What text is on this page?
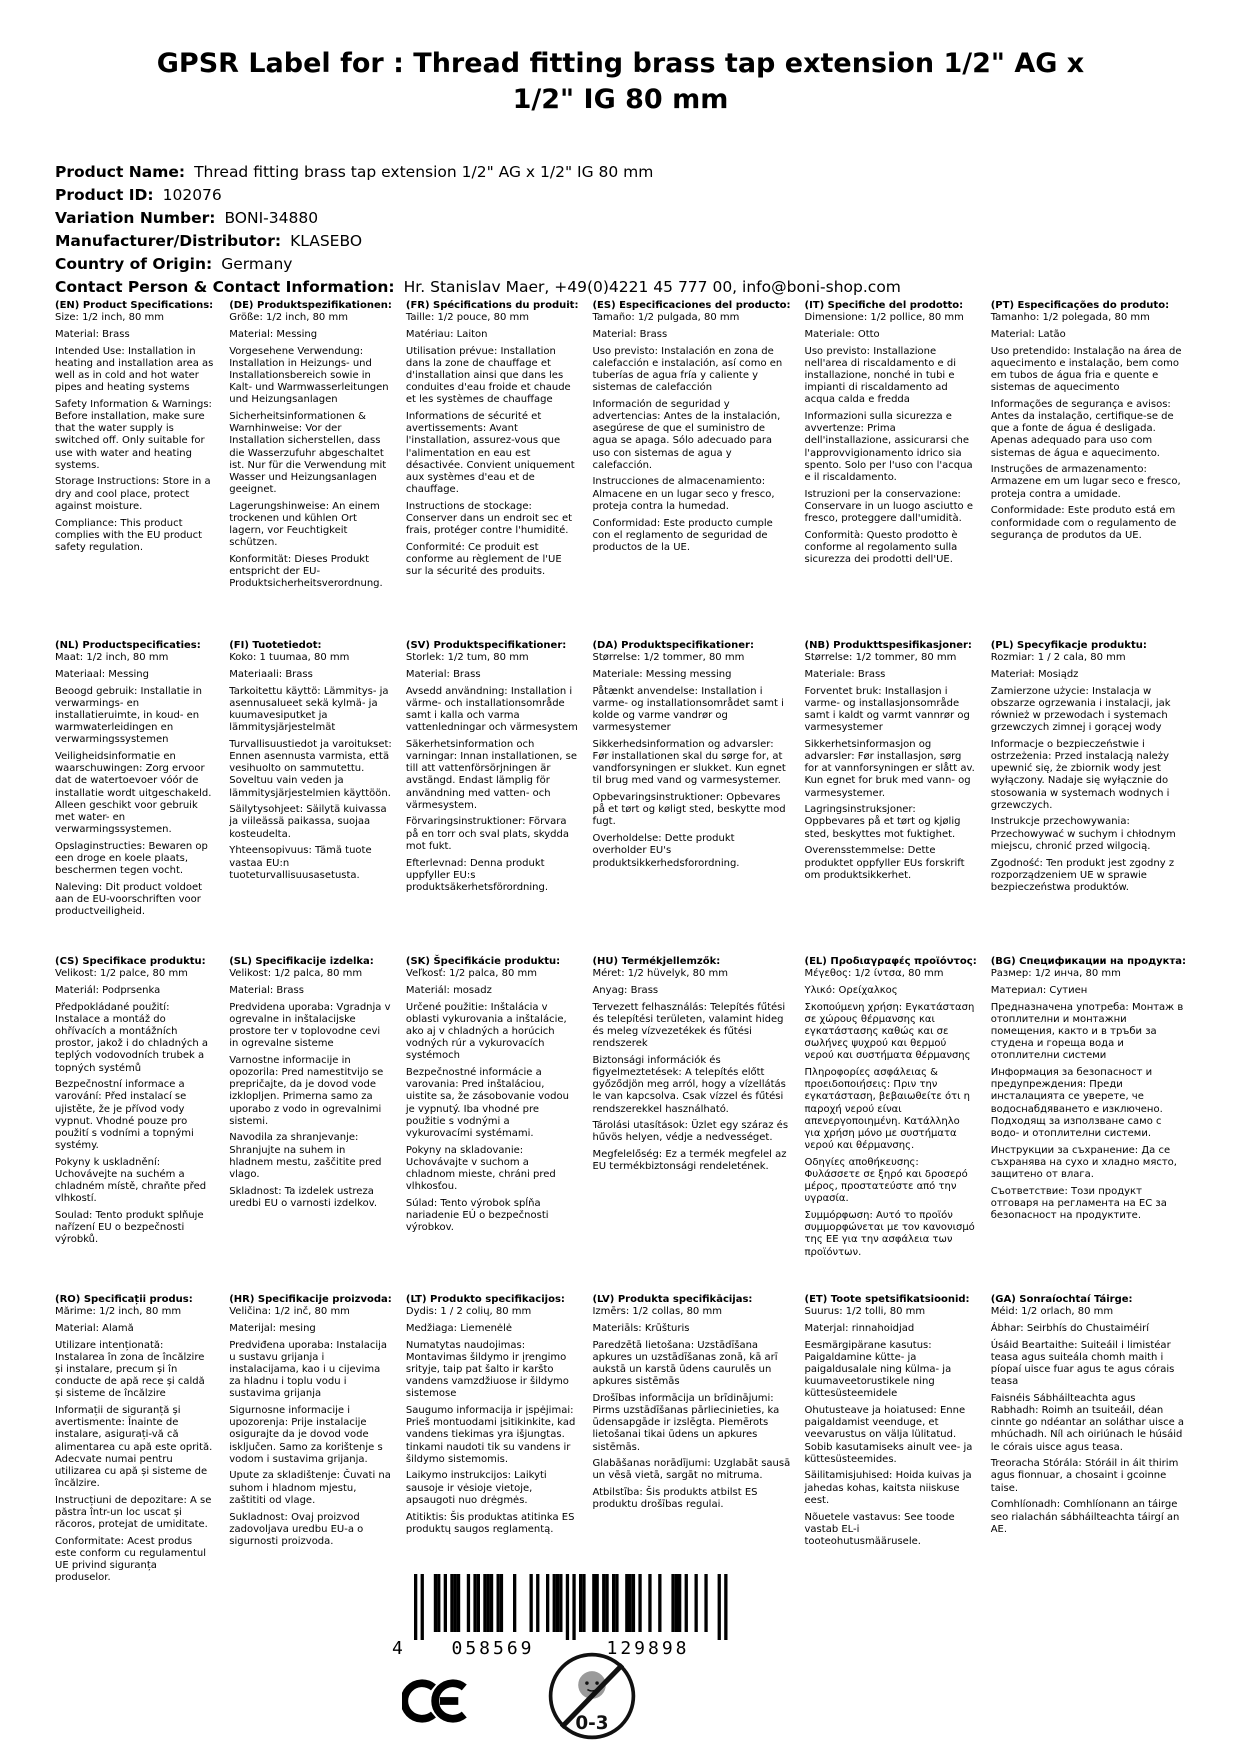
GPSR Label for : Thread fitting brass tap extension 1/2" AG x 1/2" IG 80 mm
Product Name: Thread fitting brass tap extension 1/2" AG x 1/2" IG 80 mm
Product ID: 102076
Variation Number: BONI-34880
Manufacturer/Distributor: KLASEBO
Country of Origin: Germany
Contact Person & Contact Information: Hr. Stanislav Maer, +49(0)4221 45 777 00, info@boni-shop.com
(EN) Product Specifications:
Size: 1/2 inch, 80 mm
Material: Brass
Intended Use: Installation in heating and installation area as well as in cold and hot water pipes and heating systems
Safety Information & Warnings: Before installation, make sure that the water supply is switched off. Only suitable for use with water and heating systems.
Storage Instructions: Store in a dry and cool place, protect against moisture.
Compliance: This product complies with the EU product safety regulation.
(DE) Produktspezifikationen:
Größe: 1/2 inch, 80 mm
Material: Messing
Vorgesehene Verwendung: Installation in Heizungs- und Installationsbereich sowie in Kalt- und Warmwasserleitungen und Heizungsanlagen
Sicherheitsinformationen & Warnhinweise: Vor der Installation sicherstellen, dass die Wasserzufuhr abgeschaltet ist. Nur für die Verwendung mit Wasser und Heizungsanlagen geeignet.
Lagerungshinweise: An einem trockenen und kühlen Ort lagern, vor Feuchtigkeit schützen.
Konformität: Dieses Produkt entspricht der EU-Produktsicherheitsverordnung.
(FR) Spécifications du produit:
Taille: 1/2 pouce, 80 mm
Matériau: Laiton
Utilisation prévue: Installation dans la zone de chauffage et d'installation ainsi que dans les conduites d'eau froide et chaude et les systèmes de chauffage
Informations de sécurité et avertissements: Avant l'installation, assurez-vous que l'alimentation en eau est désactivée. Convient uniquement aux systèmes d'eau et de chauffage.
Instructions de stockage: Conserver dans un endroit sec et frais, protéger contre l'humidité.
Conformité: Ce produit est conforme au règlement de l'UE sur la sécurité des produits.
(ES) Especificaciones del producto:
Tamaño: 1/2 pulgada, 80 mm
Material: Brass
Uso previsto: Instalación en zona de calefacción e instalación, así como en tuberías de agua fría y caliente y sistemas de calefacción
Información de seguridad y advertencias: Antes de la instalación, asegúrese de que el suministro de agua se apaga. Sólo adecuado para uso con sistemas de agua y calefacción.
Instrucciones de almacenamiento: Almacene en un lugar seco y fresco, proteja contra la humedad.
Conformidad: Este producto cumple con el reglamento de seguridad de productos de la UE.
(IT) Specifiche del prodotto:
Dimensione: 1/2 pollice, 80 mm
Materiale: Otto
Uso previsto: Installazione nell'area di riscaldamento e di installazione, nonché in tubi e impianti di riscaldamento ad acqua calda e fredda
Informazioni sulla sicurezza e avvertenze: Prima dell'installazione, assicurarsi che l'approvvigionamento idrico sia spento. Solo per l'uso con l'acqua e il riscaldamento.
Istruzioni per la conservazione: Conservare in un luogo asciutto e fresco, proteggere dall'umidità.
Conformità: Questo prodotto è conforme al regolamento sulla sicurezza dei prodotti dell'UE.
(PT) Especificações do produto:
Tamanho: 1/2 polegada, 80 mm
Material: Latão
Uso pretendido: Instalação na área de aquecimento e instalação, bem como em tubos de água fria e quente e sistemas de aquecimento
Informações de segurança e avisos: Antes da instalação, certifique-se de que a fonte de água é desligada. Apenas adequado para uso com sistemas de água e aquecimento.
Instruções de armazenamento: Armazene em um lugar seco e fresco, proteja contra a umidade.
Conformidade: Este produto está em conformidade com o regulamento de segurança de produtos da UE.
(NL) Productspecificaties:
Maat: 1/2 inch, 80 mm
Materiaal: Messing
Beoogd gebruik: Installatie in verwarmings- en installatieruimte, in koud- en warmwaterleidingen en verwarmingssystemen
Veiligheidsinformatie en waarschuwingen: Zorg ervoor dat de watertoevoer vóór de installatie wordt uitgeschakeld. Alleen geschikt voor gebruik met water- en verwarmingssystemen.
Opslaginstructies: Bewaren op een droge en koele plaats, beschermen tegen vocht.
Naleving: Dit product voldoet aan de EU-voorschriften voor productveiligheid.
(FI) Tuotetiedot:
Koko: 1 tuumaa, 80 mm
Materiaali: Brass
Tarkoitettu käyttö: Lämmitys- ja asennusalueet sekä kylmä- ja kuumavesiputket ja lämmitysjärjestelmät
Turvallisuustiedot ja varoitukset: Ennen asennusta varmista, että vesihuolto on sammutettu. Soveltuu vain veden ja lämmitysjärjestelmien käyttöön.
Säilytysohjeet: Säilytä kuivassa ja viileässä paikassa, suojaa kosteudelta.
Yhteensopivuus: Tämä tuote vastaa EU:n tuoteturvallisuusasetusta.
(SV) Produktspecifikationer:
Storlek: 1/2 tum, 80 mm
Material: Brass
Avsedd användning: Installation i värme- och installationsområde samt i kalla och varma vattenledningar och värmesystem
Säkerhetsinformation och varningar: Innan installationen, se till att vattenförsörjningen är avstängd. Endast lämplig för användning med vatten- och värmesystem.
Förvaringsinstruktioner: Förvara på en torr och sval plats, skydda mot fukt.
Efterlevnad: Denna produkt uppfyller EU:s produktsäkerhetsförordning.
(DA) Produktspecifikationer:
Størrelse: 1/2 tommer, 80 mm
Materiale: Messing messing
Påtænkt anvendelse: Installation i varme- og installationsområdet samt i kolde og varme vandrør og varmesystemer
Sikkerhedsinformation og advarsler: Før installationen skal du sørge for, at vandforsyningen er slukket. Kun egnet til brug med vand og varmesystemer.
Opbevaringsinstruktioner: Opbevares på et tørt og køligt sted, beskytte mod fugt.
Overholdelse: Dette produkt overholder EU's produktsikkerhedsforordning.
(NB) Produkttspesifikasjoner:
Størrelse: 1/2 tommer, 80 mm
Materiale: Brass
Forventet bruk: Installasjon i varme- og installasjonsområde samt i kaldt og varmt vannrør og varmesystemer
Sikkerhetsinformasjon og advarsler: Før installasjon, sørg for at vannforsyningen er slått av. Kun egnet for bruk med vann- og varmesystemer.
Lagringsinstruksjoner: Oppbevares på et tørt og kjølig sted, beskyttes mot fuktighet.
Overensstemmelse: Dette produktet oppfyller EUs forskrift om produktsikkerhet.
(PL) Specyfikacje produktu:
Rozmiar: 1 / 2 cala, 80 mm
Materiał: Mosiądz
Zamierzone użycie: Instalacja w obszarze ogrzewania i instalacji, jak również w przewodach i systemach grzewczych zimnej i gorącej wody
Informacje o bezpieczeństwie i ostrzeżenia: Przed instalacją należy upewnić się, że zbiornik wody jest wyłączony. Nadaje się wyłącznie do stosowania w systemach wodnych i grzewczych.
Instrukcje przechowywania: Przechowywać w suchym i chłodnym miejscu, chronić przed wilgocią.
Zgodność: Ten produkt jest zgodny z rozporządzeniem UE w sprawie bezpieczeństwa produktów.
(CS) Specifikace produktu:
Velikost: 1/2 palce, 80 mm
Materiál: Podprsenka
Předpokládané použití: Instalace a montáž do ohřívacích a montážních prostor, jakož i do chladných a teplých vodovodních trubek a topných systémů
Bezpečnostní informace a varování: Před instalací se ujistěte, že je přívod vody vypnut. Vhodné pouze pro použití s vodními a topnými systémy.
Pokyny k uskladnění: Uchovávejte na suchém a chladném místě, chraňte před vlhkostí.
Soulad: Tento produkt splňuje nařízení EU o bezpečnosti výrobků.
(SL) Specifikacije izdelka:
Velikost: 1/2 palca, 80 mm
Material: Brass
Predvidena uporaba: Vgradnja v ogrevalne in inštalacijske prostore ter v toplovodne cevi in ogrevalne sisteme
Varnostne informacije in opozorila: Pred namestitvijo se prepričajte, da je dovod vode izklopljen. Primerna samo za uporabo z vodo in ogrevalnimi sistemi.
Navodila za shranjevanje: Shranjujte na suhem in hladnem mestu, zaščitite pred vlago.
Skladnost: Ta izdelek ustreza uredbi EU o varnosti izdelkov.
(SK) Špecifikácie produktu:
Veľkosť: 1/2 palca, 80 mm
Materiál: mosadz
Určené použitie: Inštalácia v oblasti vykurovania a inštalácie, ako aj v chladných a horúcich vodných rúr a vykurovacích systémoch
Bezpečnostné informácie a varovania: Pred inštaláciou, uistite sa, že zásobovanie vodou je vypnutý. Iba vhodné pre použitie s vodnými a vykurovacími systémami.
Pokyny na skladovanie: Uchovávajte v suchom a chladnom mieste, chráni pred vlhkosťou.
Súlad: Tento výrobok spĺňa nariadenie EÚ o bezpečnosti výrobkov.
(HU) Termékjellemzők:
Méret: 1/2 hüvelyk, 80 mm
Anyag: Brass
Tervezett felhasználás: Telepítés fűtési és telepítési területen, valamint hideg és meleg vízvezetékek és fűtési rendszerek
Biztonsági információk és figyelmeztetések: A telepítés előtt győződjön meg arról, hogy a vízellátás le van kapcsolva. Csak vízzel és fűtési rendszerekkel használható.
Tárolási utasítások: Üzlet egy száraz és hűvös helyen, védje a nedvességet.
Megfelelőség: Ez a termék megfelel az EU termékbiztonsági rendeletének.
(EL) Προδιαγραφές προϊόντος:
Μέγεθος: 1/2 ίντσα, 80 mm
Υλικό: Ορείχαλκος
Σκοπούμενη χρήση: Εγκατάσταση σε χώρους θέρμανσης και εγκατάστασης καθώς και σε σωλήνες ψυχρού και θερμού νερού και συστήματα θέρμανσης
Πληροφορίες ασφάλειας & προειδοποιήσεις: Πριν την εγκατάσταση, βεβαιωθείτε ότι η παροχή νερού είναι απενεργοποιημένη. Κατάλληλο για χρήση μόνο με συστήματα νερού και θέρμανσης.
Οδηγίες αποθήκευσης: Φυλάσσετε σε ξηρό και δροσερό μέρος, προστατεύστε από την υγρασία.
Συμμόρφωση: Αυτό το προϊόν συμμορφώνεται με τον κανονισμό της ΕΕ για την ασφάλεια των προϊόντων.
(BG) Спецификации на продукта:
Размер: 1/2 инча, 80 mm
Материал: Сутиен
Предназначена употреба: Монтаж в отоплителни и монтажни помещения, както и в тръби за студена и гореща вода и отоплителни системи
Информация за безопасност и предупреждения: Преди инсталацията се уверете, че водоснабдяването е изключено. Подходящ за използване само с водо- и отоплителни системи.
Инструкции за съхранение: Да се съхранява на сухо и хладно място, защитено от влага.
Съответствие: Този продукт отговаря на регламента на ЕС за безопасност на продуктите.
(RO) Specificații produs:
Mărime: 1/2 inch, 80 mm
Material: Alamă
Utilizare intenționată: Instalarea în zona de încălzire și instalare, precum și în conducte de apă rece și caldă și sisteme de încălzire
Informații de siguranță și avertismente: Înainte de instalare, asigurați-vă că alimentarea cu apă este oprită. Adecvate numai pentru utilizarea cu apă și sisteme de încălzire.
Instrucțiuni de depozitare: A se păstra într-un loc uscat și răcoros, protejat de umiditate.
Conformitate: Acest produs este conform cu regulamentul UE privind siguranța produselor.
(HR) Specifikacije proizvoda:
Veličina: 1/2 inč, 80 mm
Materijal: mesing
Predviđena uporaba: Instalacija u sustavu grijanja i instalacijama, kao i u cijevima za hladnu i toplu vodu i sustavima grijanja
Sigurnosne informacije i upozorenja: Prije instalacije osigurajte da je dovod vode isključen. Samo za korištenje s vodom i sustavima grijanja.
Upute za skladištenje: Čuvati na suhom i hladnom mjestu, zaštititi od vlage.
Sukladnost: Ovaj proizvod zadovoljava uredbu EU-a o sigurnosti proizvoda.
(LT) Produkto specifikacijos:
Dydis: 1 / 2 colių, 80 mm
Medžiaga: Liemenėlė
Numatytas naudojimas: Montavimas šildymo ir įrengimo srityje, taip pat šalto ir karšto vandens vamzdžiuose ir šildymo sistemose
Saugumo informacija ir įspėjimai: Prieš montuodami įsitikinkite, kad vandens tiekimas yra išjungtas. tinkami naudoti tik su vandens ir šildymo sistemomis.
Laikymo instrukcijos: Laikyti sausoje ir vėsioje vietoje, apsaugoti nuo drėgmės.
Atitiktis: Šis produktas atitinka ES produktų saugos reglamentą.
(LV) Produkta specifikācijas:
Izmērs: 1/2 collas, 80 mm
Materiāls: Krūšturis
Paredzētā lietošana: Uzstādīšana apkures un uzstādīšanas zonā, kā arī aukstā un karstā ūdens caurulēs un apkures sistēmās
Drošības informācija un brīdinājumi: Pirms uzstādīšanas pārliecinieties, ka ūdensapgāde ir izslēgta. Piemērots lietošanai tikai ūdens un apkures sistēmās.
Glabāšanas norādījumi: Uzglabāt sausā un vēsā vietā, sargāt no mitruma.
Atbilstība: Šis produkts atbilst ES produktu drošības regulai.
(ET) Toote spetsifikatsioonid:
Suurus: 1/2 tolli, 80 mm
Materjal: rinnahoidjad
Eesmärgipärane kasutus: Paigaldamine kütte- ja paigaldusalale ning külma- ja kuumaveetorustikele ning küttesüsteemidele
Ohutusteave ja hoiatused: Enne paigaldamist veenduge, et veevarustus on välja lülitatud. Sobib kasutamiseks ainult vee- ja küttesüsteemides.
Säilitamisjuhised: Hoida kuivas ja jahedas kohas, kaitsta niiskuse eest.
Nõuetele vastavus: See toode vastab EL-i tooteohutusmäärusele.
(GA) Sonraíochtaí Táirge:
Méid: 1/2 orlach, 80 mm
Ábhar: Seirbhís do Chustaiméirí
Úsáid Beartaithe: Suiteáil i limistéar teasa agus suiteála chomh maith i píopaí uisce fuar agus te agus córais teasa
Faisnéis Sábháilteachta agus Rabhadh: Roimh an tsuiteáil, déan cinnte go ndéantar an soláthar uisce a mhúchadh. Níl ach oiriúnach le húsáid le córais uisce agus teasa.
Treoracha Stórála: Stóráil in áit thirim agus fionnuar, a chosaint i gcoinne taise.
Comhlíonadh: Comhlíonann an táirge seo rialachán sábháilteachta táirgí an AE.
4	058569	129898
0-3
